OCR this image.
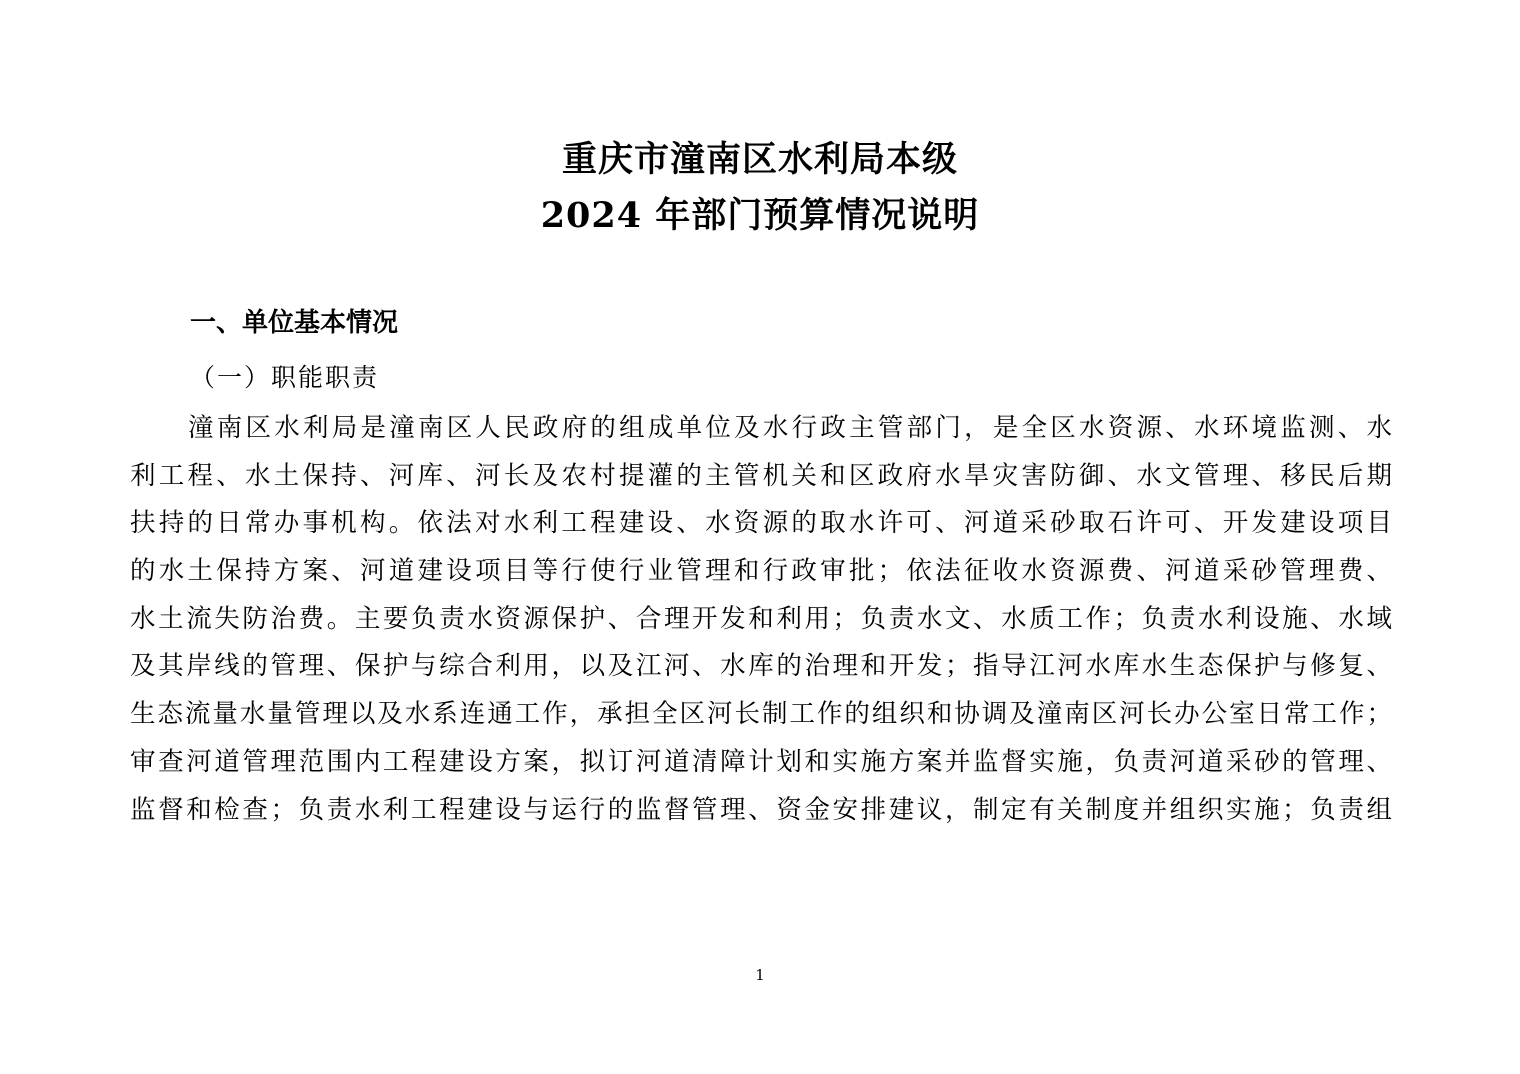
重庆市潼南区水利局本级
2024 年部门预算情况说明
一、单位基本情况
（一）职能职责
潼南区水利局是潼南区人民政府的组成单位及水行政主管部门，是全区水资源、水环境监测、水
利工程、水土保持、河库、河长及农村提灌的主管机关和区政府水旱灾害防御、水文管理、移民后期
扶持的日常办事机构。依法对水利工程建设、水资源的取水许可、河道采砂取石许可、开发建设项目
的水土保持方案、河道建设项目等行使行业管理和行政审批；依法征收水资源费、河道采砂管理费、
水土流失防治费。主要负责水资源保护、合理开发和利用；负责水文、水质工作；负责水利设施、水域
及其岸线的管理、保护与综合利用，以及江河、水库的治理和开发；指导江河水库水生态保护与修复、
生态流量水量管理以及水系连通工作，承担全区河长制工作的组织和协调及潼南区河长办公室日常工作；
审查河道管理范围内工程建设方案，拟订河道清障计划和实施方案并监督实施，负责河道采砂的管理、
监督和检查；负责水利工程建设与运行的监督管理、资金安排建议，制定有关制度并组织实施；负责组
1
